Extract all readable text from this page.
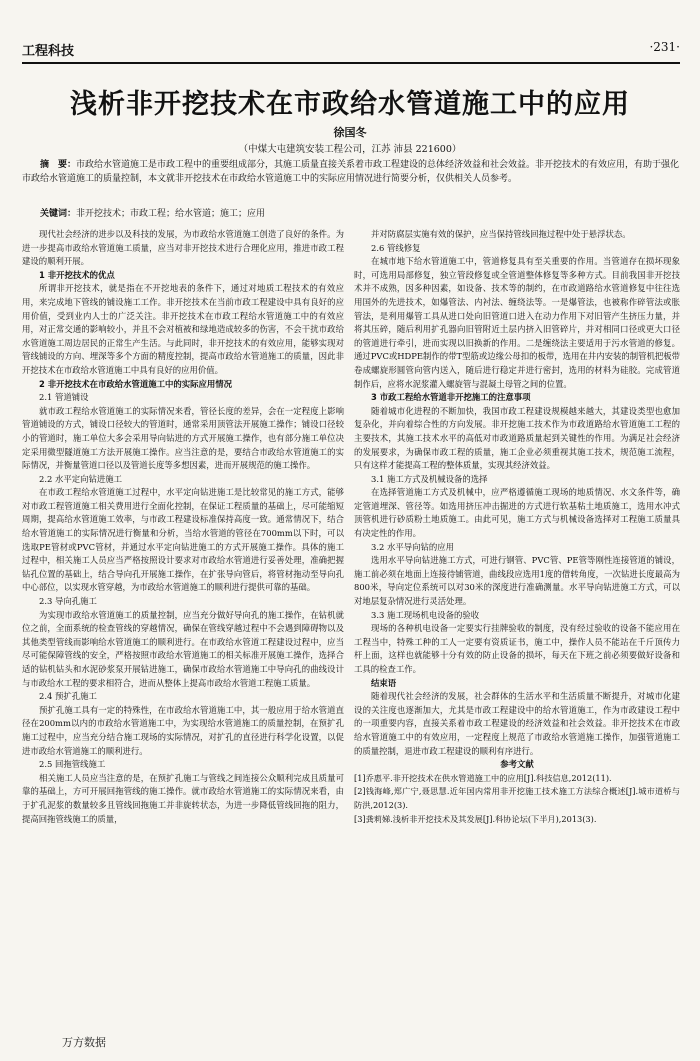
工程科技	·231·
浅析非开挖技术在市政给水管道施工中的应用
徐国冬
（中煤大屯建筑安装工程公司，江苏 沛县 221600）
摘　要：市政给水管道施工是市政工程中的重要组成部分，其施工质量直接关系着市政工程建设的总体经济效益和社会效益。非开挖技术的有效应用，有助于强化市政给水管道施工的质量控制，本文就非开挖技术在市政给水管道施工中的实际应用情况进行简要分析，仅供相关人员参考。
关键词：非开挖技术；市政工程；给水管道；施工；应用

现代社会经济的进步以及科技的发展，为市政给水管道施工创造了良好的条件。为进一步提高市政给水管道施工质量，应当对非开挖技术进行合理化应用，推进市政工程建设的顺利开展。

1 非开挖技术的优点

所谓非开挖技术，就是指在不开挖地表的条件下，通过对地质工程技术的有效应用，来完成地下管线的铺设施工工作。非开挖技术在当前市政工程建设中具有良好的应用价值，受到业内人士的广泛关注。非开挖技术在市政工程给水管道施工中的有效应用，对正常交通的影响较小，并且不会对植被和绿地造成较多的伤害，不会干扰市政给水管道施工周边居民的正常生产生活。与此同时，非开挖技术的有效应用，能够实现对管线铺设的方向、埋深等多个方面的精度控制，提高市政给水管道施工的质量，因此非开挖技术在市政给水管道施工中具有良好的应用价值。

2 非开挖技术在市政给水管道施工中的实际应用情况

2.1 管道铺设

就市政工程给水管道施工的实际情况来看，管径长度的差异，会在一定程度上影响管道铺设的方式，铺设口径较大的管道时，通常采用顶管法开展施工操作；铺设口径较小的管道时，施工单位大多会采用导向钻进的方式开展施工操作，也有部分施工单位决定采用微型隧道施工方法开展施工操作。应当注意的是，要结合市政给水管道施工的实际情况，并衡量管道口径以及管道长度等多想因素，进而开展规范的施工操作。

2.2 水平定向钻进施工

在市政工程给水管道施工过程中，水平定向钻进施工是比较常见的施工方式，能够对市政工程管道施工相关费用进行全面化控制，在保证工程质量的基础上，尽可能缩短周期，提高给水管道施工效率，与市政工程建设标准保持高度一致。通常情况下，结合给水管道施工的实际情况进行衡量和分析，当给水管道的管径在700mm以下时，可以选取PE管材或PVC管材，并通过水平定向钻进施工的方式开展施工操作。具体的施工过程中，相关施工人员应当严格按照设计要求对市政给水管道进行妥善处理，准确把握钻孔位置的基础上，结合导向孔开展施工操作，在扩张导向管后，将管材拖动至导向孔中心部位，以实现水管穿越，为市政给水管道施工的顺利进行提供可靠的基础。

2.3 导向孔施工

为实现市政给水管道施工的质量控制，应当充分做好导向孔的施工操作，在钻机就位之前，全面系统的检查管线的穿越情况，确保在管线穿越过程中不会遇到障碍物以及其他类型管线而影响给水管道施工的顺利进行。在市政给水管道工程建设过程中，应当尽可能保障管线的安全，严格按照市政给水管道施工的相关标准开展施工操作，选择合适的钻机钻头和水泥砂浆泵开展钻进施工，确保市政给水管道施工中导向孔的曲线设计与市政给水工程的要求相符合，进而从整体上提高市政给水管道工程施工质量。

2.4 预扩孔施工

预扩孔施工具有一定的特殊性，在市政给水管道施工中，其一般应用于给水管道直径在200mm以内的市政给水管道施工中，为实现给水管道施工的质量控制，在预扩孔施工过程中，应当充分结合施工现场的实际情况，对扩孔的直径进行科学化设置，以促进市政给水管道施工的顺利进行。

2.5 回拖管线施工

相关施工人员应当注意的是，在预扩孔施工与管线之间连接公众顺利完成且质量可靠的基础上，方可开展回拖管线的施工操作。就市政给水管道施工的实际情况来看，由于扩孔泥浆的数量较多且管线回拖施工并非旋转状态，为进一步降低管线回拖的阻力，提高回拖管线施工的质量，

并对防腐层实施有效的保护，应当保持管线回拖过程中处于悬浮状态。

2.6 管线修复

在城市地下给水管道施工中，管道修复具有至关重要的作用。当管道存在损坏现象时，可选用局部修复，独立管段修复或全管道整体修复等多种方式。目前我国非开挖技术并不成熟，因多种因素，如设备、技术等的制约，在市政道路给水管道修复中往往选用国外的先进技术，如爆管法、内衬法、缠绕法等。一是爆管法，也被称作碎管法或胀管法，是利用爆管工具从进口处向旧管道口进入在动力作用下对旧管产生挤压力量，并将其压碎，随后利用扩孔器向旧管附近土层内挤入旧管碎片，并对相同口径或更大口径的管道进行牵引，进而实现以旧换新的作用。二是缠绕法主要适用于污水管道的修复。通过PVC或HDPE制作的带T型筋或边缘公母扣的板带，选用在井内安装的制管机把板带卷成螺旋形圆管向管内送入，随后进行稳定并进行密封，选用的材料为硅胶。完成管道制作后，应将水泥浆灌入螺旋管与混凝土母管之间的位置。

3 市政工程给水管道非开挖施工的注意事项

随着城市化进程的不断加快，我国市政工程建设规模越来越大，其建设类型也愈加复杂化，并向着综合性的方向发展。非开挖施工技术作为市政道路给水管道施工工程的主要技术，其施工技术水平的高低对市政道路质量起到关键性的作用。为满足社会经济的发展要求，为确保市政工程的质量，施工企业必须重视其施工技术，规范施工流程，只有这样才能提高工程的整体质量，实现其经济效益。

3.1 施工方式及机械设备的选择

在选择管道施工方式及机械中，应严格遵循施工现场的地质情况、水文条件等，确定管道埋深、管径等。如选用挤压冲击掘进的方式进行软基粘土地质施工，选用水冲式顶管机进行砂质粉土地质施工。由此可见，施工方式与机械设备选择对工程施工质量具有决定性的作用。

3.2 水平导向钻的应用

选用水平导向钻进施工方式，可进行钢管、PVC管、PE管等刚性连接管道的铺设，施工前必须在地面上连接待铺管道，曲线段应选用1度的借转角度，一次钻进长度最高为800米，导向定位系统可以对30米的深度进行准确测量。水平导向钻进施工方式，可以对地层复杂情况进行灵活处理。

3.3 施工现场机电设备的验收

现场的各种机电设备一定要实行挂牌验收的制度，没有经过验收的设备不能应用在工程当中，特殊工种的工人一定要有资质证书，施工中，操作人员不能站在千斤顶传力杆上面，这样也就能够十分有效的防止设备的损坏，每天在下班之前必须要做好设备和工具的检查工作。

结束语

随着现代社会经济的发展，社会群体的生活水平和生活质量不断提升，对城市化建设的关注度也逐渐加大，尤其是市政工程建设中的给水管道施工，作为市政建设工程中的一项重要内容，直接关系着市政工程建设的经济效益和社会效益。非开挖技术在市政给水管道施工中的有效应用，一定程度上规范了市政给水管道施工操作，加强管道施工的质量控制，退进市政工程建设的顺利有序进行。

参考文献

[1]乔惠平.非开挖技术在供水管道施工中的应用[J].科技信息,2012(11).

[2]钱海峰,郑广宁,聂思慧.近年国内常用非开挖施工技术施工方法综合概述[J].城市道桥与防洪,2012(3).

[3]龚莉娣.浅析非开挖技术及其发展[J].科协论坛(下半月),2013(3).

万方数据
